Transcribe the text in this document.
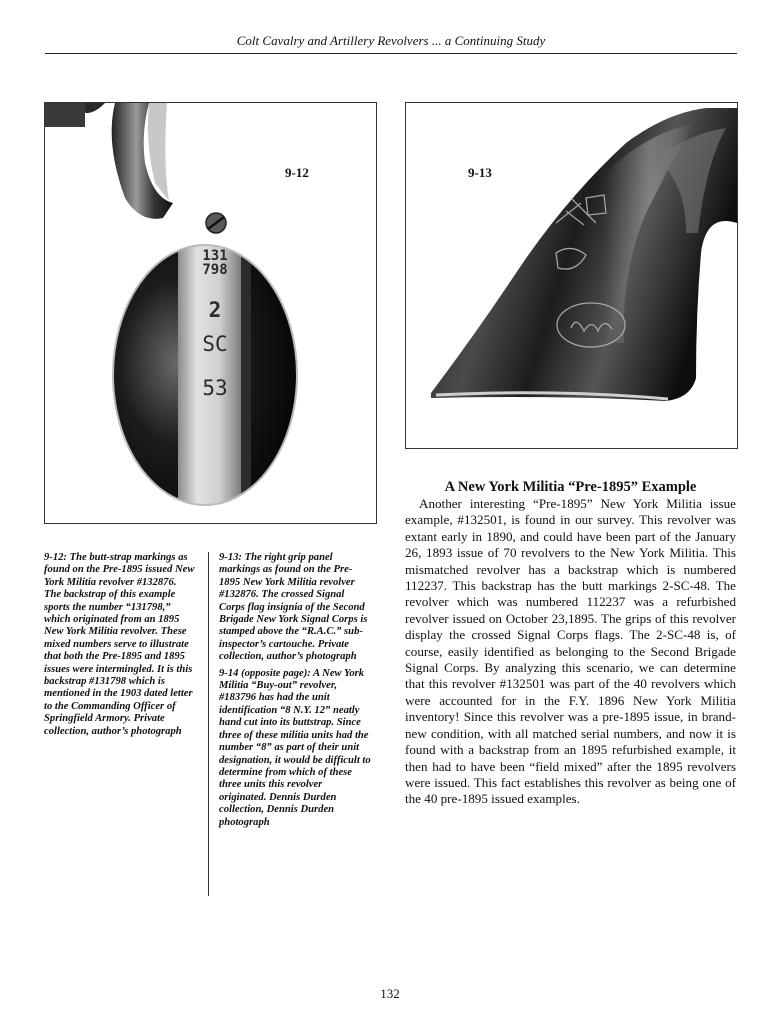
Colt Cavalry and Artillery Revolvers ... a Continuing Study
131
798
2
SC
53
9-12	9-13

9-12: The butt-strap markings as found on the Pre-1895 issued New York Militia revolver #132876. The backstrap of this example sports the number “131798,” which originated from an 1895 New York Militia revolver. These mixed numbers serve to illustrate that both the Pre-1895 and 1895 issues were intermingled. It is this backstrap #131798 which is mentioned in the 1903 dated letter to the Commanding Officer of Springfield Armory. Private collection, author’s photograph

9-13: The right grip panel markings as found on the Pre-1895 New York Militia revolver #132876. The crossed Signal Corps flag insignia of the Second Brigade New York Signal Corps is stamped above the “R.A.C.” sub-inspector’s cartouche. Private collection, author’s photograph

9-14 (opposite page): A New York Militia “Buy-out” revolver, #183796 has had the unit identification “8 N.Y. 12” neatly hand cut into its buttstrap. Since three of these militia units had the number “8” as part of their unit designation, it would be difficult to determine from which of these three units this revolver originated. Dennis Durden collection, Dennis Durden photograph

A New York Militia “Pre-1895” Example

Another interesting “Pre-1895” New York Militia issue example, #132501, is found in our survey. This revolver was extant early in 1890, and could have been part of the January 26, 1893 issue of 70 revolvers to the New York Militia. This mismatched revolver has a backstrap which is numbered 112237. This backstrap has the butt markings 2-SC-48. The revolver which was numbered 112237 was a refurbished revolver issued on October 23,1895. The grips of this revolver display the crossed Signal Corps flags. The 2-SC-48 is, of course, easily identified as belonging to the Second Brigade Signal Corps. By analyzing this scenario, we can determine that this revolver #132501 was part of the 40 revolvers which were accounted for in the F.Y. 1896 New York Militia inventory! Since this revolver was a pre-1895 issue, in brand-new condition, with all matched serial numbers, and now it is found with a backstrap from an 1895 refurbished example, it then had to have been “field mixed” after the 1895 revolvers were issued. This fact establishes this revolver as being one of the 40 pre-1895 issued examples.

132
